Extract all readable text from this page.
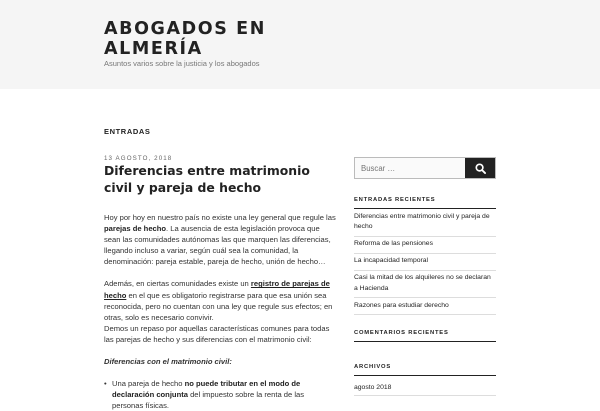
ABOGADOS EN ALMERÍA
Asuntos varios sobre la justicia y los abogados
ENTRADAS
13 AGOSTO, 2018
Diferencias entre matrimonio civil y pareja de hecho

Hoy por hoy en nuestro país no existe una ley general que regule las parejas de hecho. La ausencia de esta legislación provoca que sean las comunidades autónomas las que marquen las diferencias, llegando incluso a variar, según cuál sea la comunidad, la denominación: pareja estable, pareja de hecho, unión de hecho…

Además, en ciertas comunidades existe un registro de parejas de hecho en el que es obligatorio registrarse para que esa unión sea reconocida, pero no cuentan con una ley que regule sus efectos; en otras, solo es necesario convivir.
Demos un repaso por aquellas características comunes para todas las parejas de hecho y sus diferencias con el matrimonio civil:

Diferencias con el matrimonio civil:
• Una pareja de hecho no puede tributar en el modo de declaración conjunta del impuesto sobre la renta de las personas físicas.
Buscar …
ENTRADAS RECIENTES
Diferencias entre matrimonio civil y pareja de hecho
Reforma de las pensiones
La incapacidad temporal
Casi la mitad de los alquileres no se declaran a Hacienda
Razones para estudiar derecho
COMENTARIOS RECIENTES
ARCHIVOS
agosto 2018
